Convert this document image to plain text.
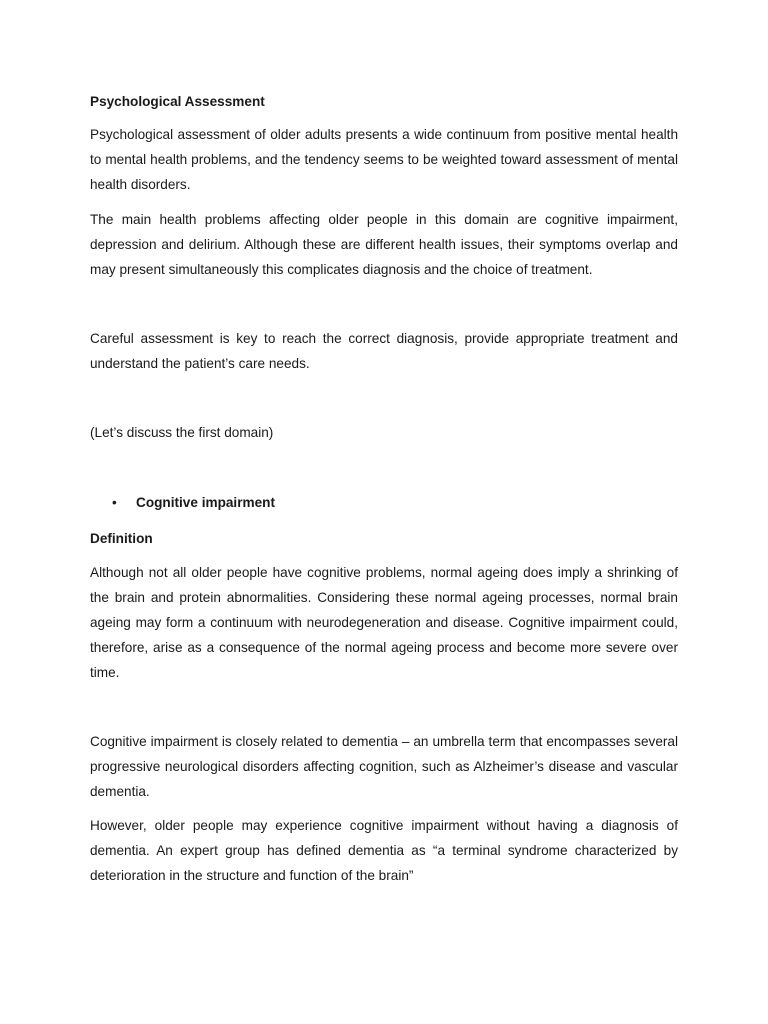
Psychological Assessment

Psychological assessment of older adults presents a wide continuum from positive mental health to mental health problems, and the tendency seems to be weighted toward assessment of mental health disorders.

The main health problems affecting older people in this domain are cognitive impairment, depression and delirium. Although these are different health issues, their symptoms overlap and may present simultaneously this complicates diagnosis and the choice of treatment.

Careful assessment is key to reach the correct diagnosis, provide appropriate treatment and understand the patient’s care needs.

(Let’s discuss the first domain)

• Cognitive impairment
Definition

Although not all older people have cognitive problems, normal ageing does imply a shrinking of the brain and protein abnormalities. Considering these normal ageing processes, normal brain ageing may form a continuum with neurodegeneration and disease. Cognitive impairment could, therefore, arise as a consequence of the normal ageing process and become more severe over time.

Cognitive impairment is closely related to dementia – an umbrella term that encompasses several progressive neurological disorders affecting cognition, such as Alzheimer’s disease and vascular dementia.

However, older people may experience cognitive impairment without having a diagnosis of dementia. An expert group has defined dementia as “a terminal syndrome characterized by deterioration in the structure and function of the brain”
